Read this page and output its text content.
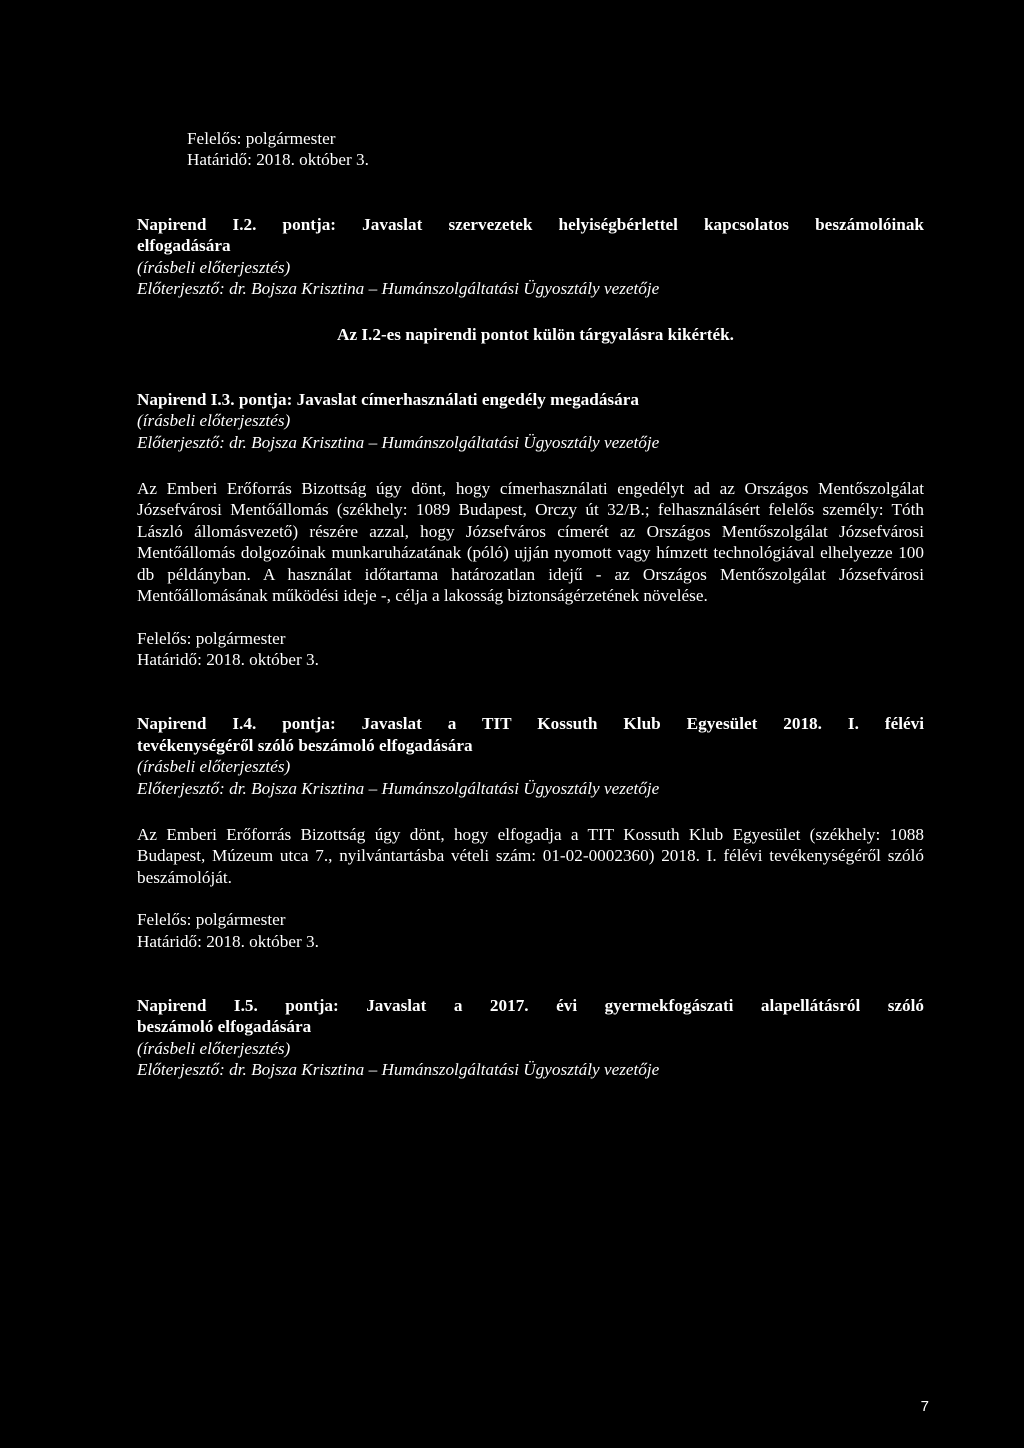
Felelős: polgármester
Határidő: 2018. október 3.
Napirend I.2. pontja: Javaslat szervezetek helyiségbérlettel kapcsolatos beszámolóinak
elfogadására
(írásbeli előterjesztés)
Előterjesztő: dr. Bojsza Krisztina – Humánszolgáltatási Ügyosztály vezetője
Az I.2-es napirendi pontot külön tárgyalásra kikérték.
Napirend I.3. pontja: Javaslat címerhasználati engedély megadására
(írásbeli előterjesztés)
Előterjesztő: dr. Bojsza Krisztina – Humánszolgáltatási Ügyosztály vezetője

Az Emberi Erőforrás Bizottság úgy dönt, hogy címerhasználati engedélyt ad az Országos Mentőszolgálat Józsefvárosi Mentőállomás (székhely: 1089 Budapest, Orczy út 32/B.; felhasználásért felelős személy: Tóth László állomásvezető) részére azzal, hogy Józsefváros címerét az Országos Mentőszolgálat Józsefvárosi Mentőállomás dolgozóinak munkaruházatának (póló) ujján nyomott vagy hímzett technológiával elhelyezze 100 db példányban. A használat időtartama határozatlan idejű - az Országos Mentőszolgálat Józsefvárosi Mentőállomásának működési ideje -, célja a lakosság biztonságérzetének növelése.

Felelős: polgármester
Határidő: 2018. október 3.
Napirend I.4. pontja: Javaslat a TIT Kossuth Klub Egyesület 2018. I. félévi
tevékenységéről szóló beszámoló elfogadására
(írásbeli előterjesztés)
Előterjesztő: dr. Bojsza Krisztina – Humánszolgáltatási Ügyosztály vezetője

Az Emberi Erőforrás Bizottság úgy dönt, hogy elfogadja a TIT Kossuth Klub Egyesület (székhely: 1088 Budapest, Múzeum utca 7., nyilvántartásba vételi szám: 01-02-0002360) 2018. I. félévi tevékenységéről szóló beszámolóját.

Felelős: polgármester
Határidő: 2018. október 3.
Napirend I.5. pontja: Javaslat a 2017. évi gyermekfogászati alapellátásról szóló
beszámoló elfogadására
(írásbeli előterjesztés)
Előterjesztő: dr. Bojsza Krisztina – Humánszolgáltatási Ügyosztály vezetője
7
